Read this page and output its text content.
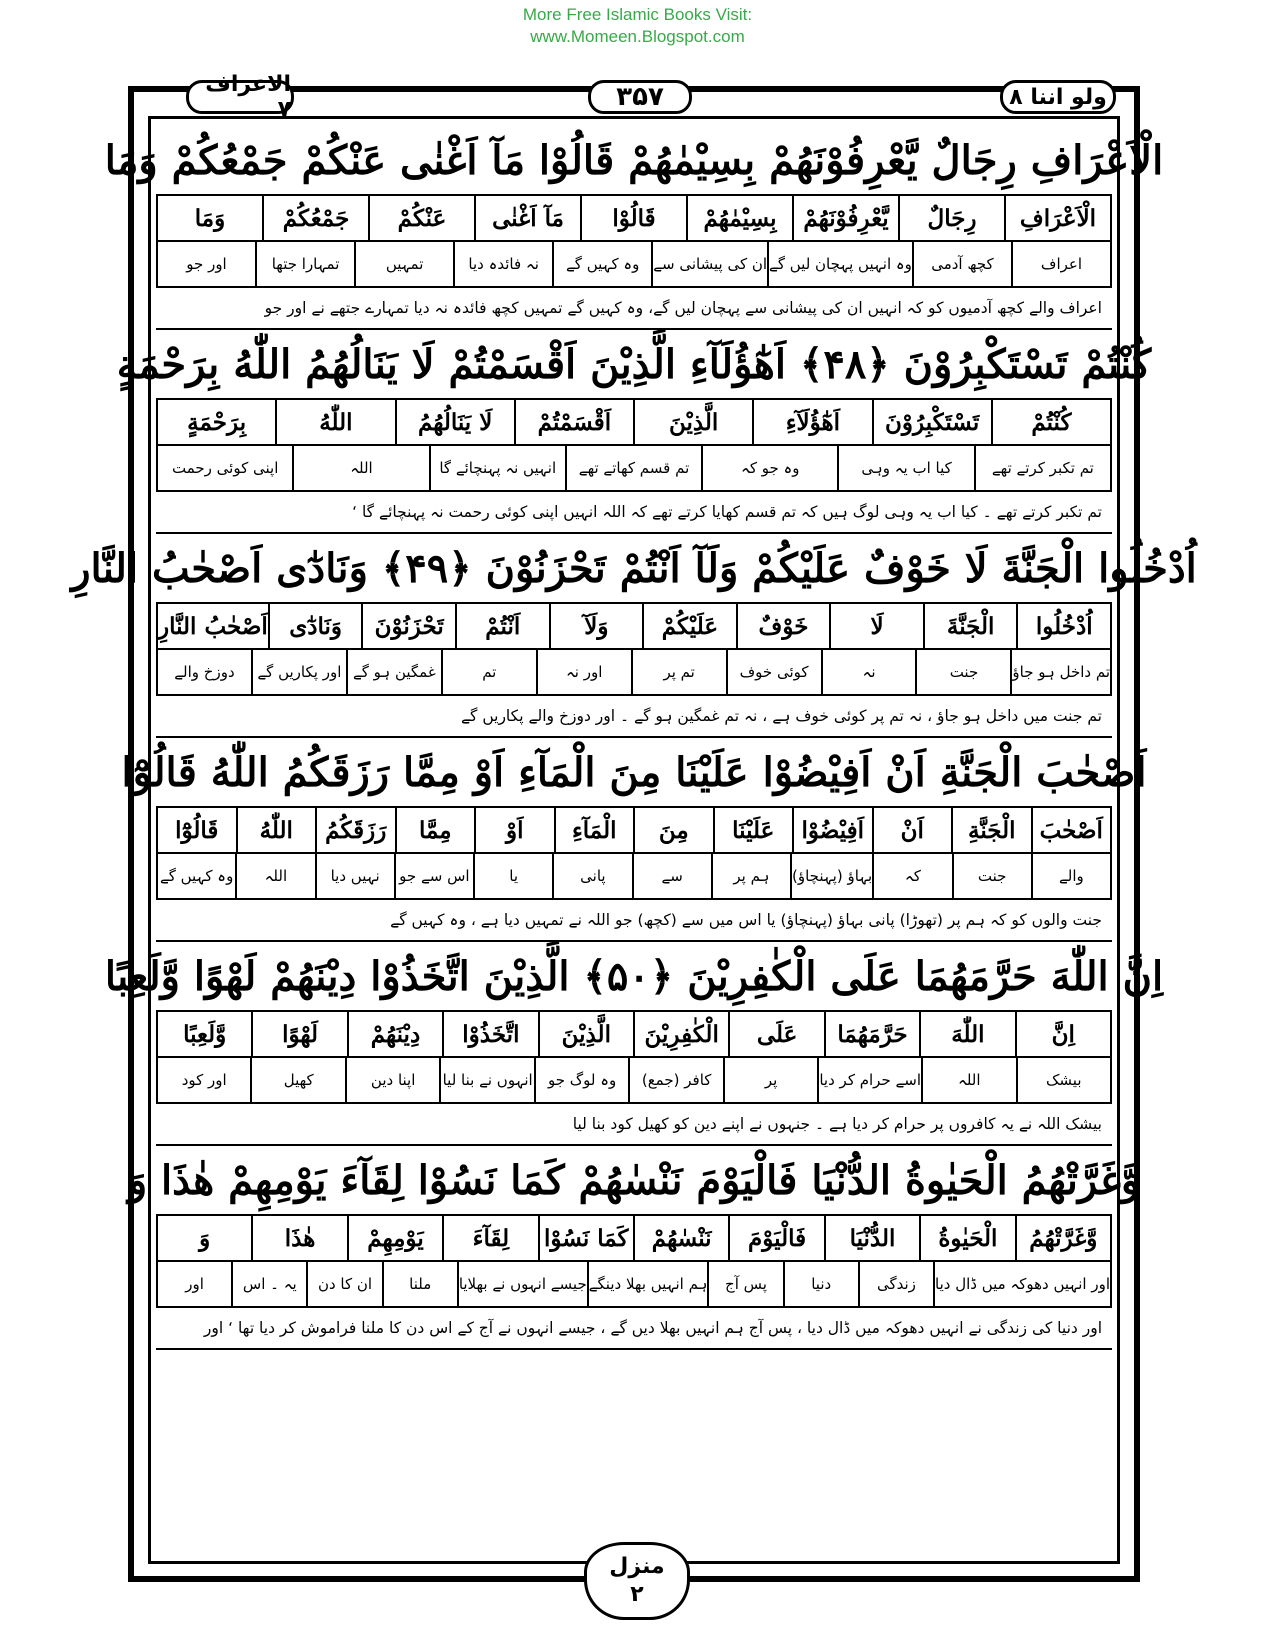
More Free Islamic Books Visit:
www.Momeen.Blogspot.com
الاعراف ۷	۳۵۷	ولو اننا ۸
الْاَعْرَافِ رِجَالٌ يَّعْرِفُوْنَهُمْ بِسِيْمٰهُمْ قَالُوْا مَآ اَغْنٰى عَنْكُمْ جَمْعُكُمْ وَمَا
الْاَعْرَافِ
رِجَالٌ
يَّعْرِفُوْنَهُمْ
بِسِيْمٰهُمْ
قَالُوْا
مَآ اَغْنٰى
عَنْكُمْ
جَمْعُكُمْ
وَمَا
اعراف
کچھ آدمی
وہ انہیں پہچان لیں گے
ان کی پیشانی سے
وہ کہیں گے
نہ فائدہ دیا
تمہیں
تمہارا جتھا
اور جو
اعراف والے کچھ آدمیوں کو کہ انہیں ان کی پیشانی سے پہچان لیں گے، وہ کہیں گے تمہیں کچھ فائدہ نہ دیا تمہارے جتھے نے اور جو
كُنْتُمْ تَسْتَكْبِرُوْنَ ﴿۴۸﴾ اَهٰٓؤُلَآءِ الَّذِيْنَ اَقْسَمْتُمْ لَا يَنَالُهُمُ اللّٰهُ بِرَحْمَةٍ
كُنْتُمْ
تَسْتَكْبِرُوْنَ
اَهٰٓؤُلَآءِ
الَّذِيْنَ
اَقْسَمْتُمْ
لَا يَنَالُهُمُ
اللّٰهُ
بِرَحْمَةٍ
تم تکبر کرتے تھے
کیا اب یہ وہی
وہ جو کہ
تم قسم کھاتے تھے
انہیں نہ پہنچائے گا
اللہ
اپنی کوئی رحمت
تم تکبر کرتے تھے ۔ کیا اب یہ وہی لوگ ہیں کہ تم قسم کھایا کرتے تھے کہ اللہ انہیں اپنی کوئی رحمت نہ پہنچائے گا ‘
اُدْخُلُوا الْجَنَّةَ لَا خَوْفٌ عَلَيْكُمْ وَلَآ اَنْتُمْ تَحْزَنُوْنَ ﴿۴۹﴾ وَنَادٰٓى اَصْحٰبُ النَّارِ
اُدْخُلُوا
الْجَنَّةَ
لَا
خَوْفٌ
عَلَيْكُمْ
وَلَآ
اَنْتُمْ
تَحْزَنُوْنَ
وَنَادٰٓى
اَصْحٰبُ النَّارِ
تم داخل ہو جاؤ
جنت
نہ
کوئی خوف
تم پر
اور نہ
تم
غمگین ہو گے
اور پکاریں گے
دوزخ والے
تم جنت میں داخل ہو جاؤ ، نہ تم پر کوئی خوف ہے ، نہ تم غمگین ہو گے ۔ اور دوزخ والے پکاریں گے
اَصْحٰبَ الْجَنَّةِ اَنْ اَفِيْضُوْا عَلَيْنَا مِنَ الْمَآءِ اَوْ مِمَّا رَزَقَكُمُ اللّٰهُ قَالُوْٓا
اَصْحٰبَ
الْجَنَّةِ
اَنْ
اَفِيْضُوْا
عَلَيْنَا
مِنَ
الْمَآءِ
اَوْ
مِمَّا
رَزَقَكُمُ
اللّٰهُ
قَالُوْٓا
والے
جنت
کہ
بہاؤ (پہنچاؤ)
ہم پر
سے
پانی
یا
اس سے جو
نہیں دیا
اللہ
وہ کہیں گے
جنت والوں کو کہ ہم پر (تھوڑا) پانی بہاؤ (پہنچاؤ) یا اس میں سے (کچھ) جو اللہ نے تمہیں دیا ہے ، وہ کہیں گے
اِنَّ اللّٰهَ حَرَّمَهُمَا عَلَى الْكٰفِرِيْنَ ﴿۵۰﴾ الَّذِيْنَ اتَّخَذُوْا دِيْنَهُمْ لَهْوًا وَّلَعِبًا
اِنَّ
اللّٰهَ
حَرَّمَهُمَا
عَلَى
الْكٰفِرِيْنَ
الَّذِيْنَ
اتَّخَذُوْا
دِيْنَهُمْ
لَهْوًا
وَّلَعِبًا
بیشک
اللہ
اسے حرام کر دیا
پر
کافر (جمع)
وہ لوگ جو
انہوں نے بنا لیا
اپنا دین
کھیل
اور کود
بیشک اللہ نے یہ کافروں پر حرام کر دیا ہے ۔ جنہوں نے اپنے دین کو کھیل کود بنا لیا
وَّغَرَّتْهُمُ الْحَيٰوةُ الدُّنْيَا فَالْيَوْمَ نَنْسٰهُمْ كَمَا نَسُوْا لِقَآءَ يَوْمِهِمْ هٰذَا وَ
وَّغَرَّتْهُمُ
الْحَيٰوةُ
الدُّنْيَا
فَالْيَوْمَ
نَنْسٰهُمْ
كَمَا نَسُوْا
لِقَآءَ
يَوْمِهِمْ
هٰذَا
وَ
اور انہیں دھوکہ میں ڈال دیا
زندگی
دنیا
پس آج
ہم انہیں بھلا دینگے
جیسے انہوں نے بھلایا
ملنا
ان کا دن
یہ ۔ اس
اور
اور دنیا کی زندگی نے انہیں دھوکہ میں ڈال دیا ، پس آج ہم انہیں بھلا دیں گے ، جیسے انہوں نے آج کے اس دن کا ملنا فراموش کر دیا تھا ‘ اور
منزل
۲
